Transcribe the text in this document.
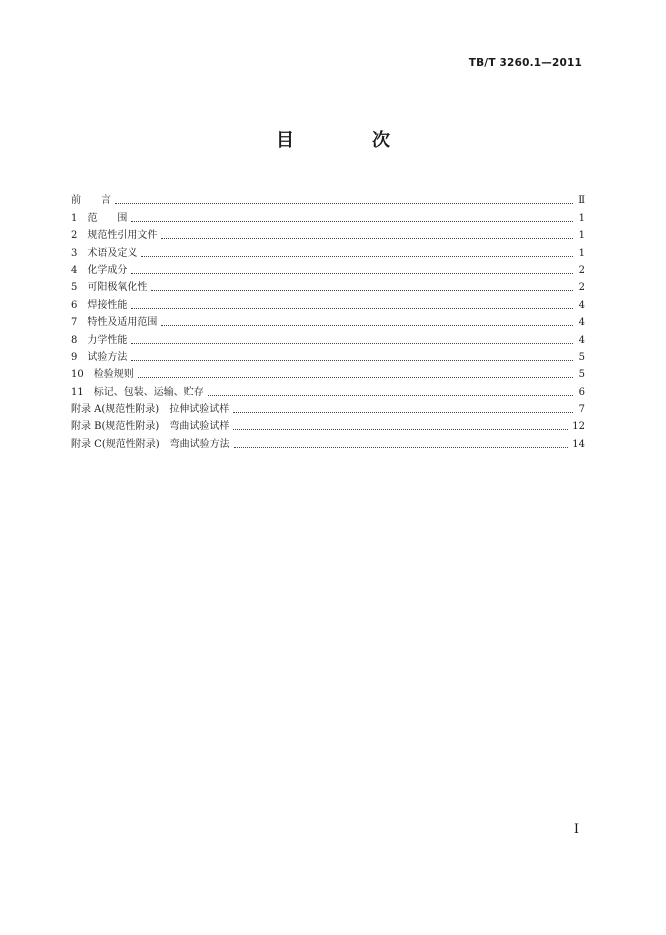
TB/T 3260.1—2011
目　次
前　　言	Ⅱ
1　范　　围	1
2　规范性引用文件	1
3　术语及定义	1
4　化学成分	2
5　可阳极氧化性	2
6　焊接性能	4
7　特性及适用范围	4
8　力学性能	4
9　试验方法	5
10　检验规则	5
11　标记、包装、运输、贮存	6
附录 A(规范性附录)　拉伸试验试样	7
附录 B(规范性附录)　弯曲试验试样	12
附录 C(规范性附录)　弯曲试验方法	14
Ⅰ
